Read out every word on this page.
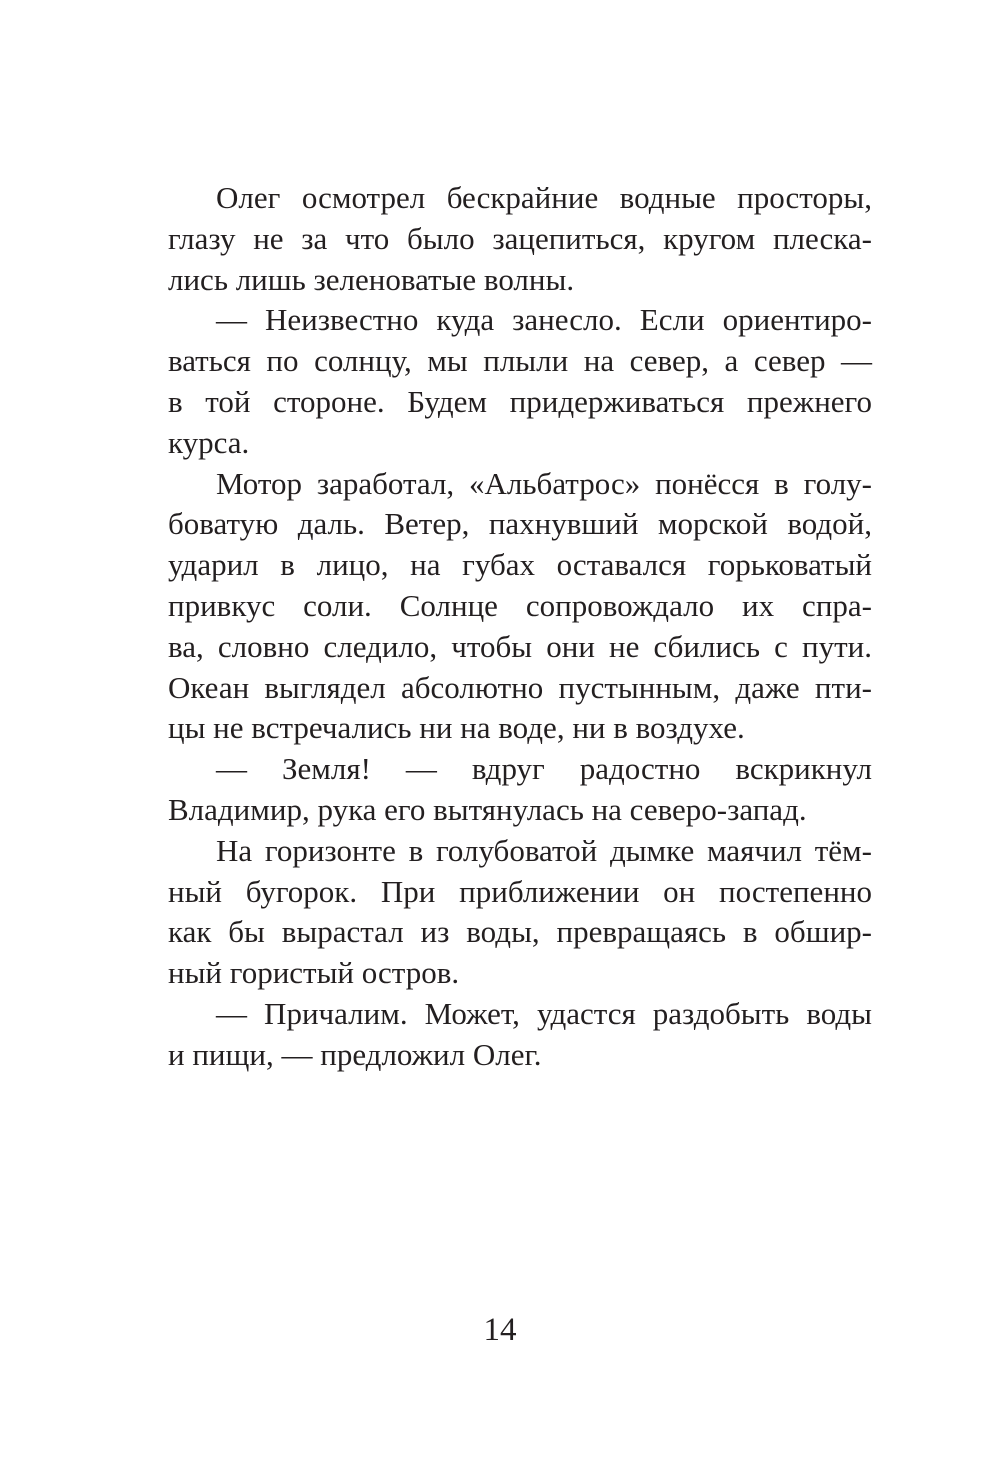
Олег осмотрел бескрайние водные просторы,
глазу не за что было зацепиться, кругом плеска-
лись лишь зеленоватые волны.
— Неизвестно куда занесло. Если ориентиро-
ваться по солнцу, мы плыли на север, а север —
в той стороне. Будем придерживаться прежнего
курса.
Мотор заработал, «Альбатрос» понёсся в голу-
боватую даль. Ветер, пахнувший морской водой,
ударил в лицо, на губах оставался горьковатый
привкус соли. Солнце сопровождало их спра-
ва, словно следило, чтобы они не сбились с пути.
Океан выглядел абсолютно пустынным, даже пти-
цы не встречались ни на воде, ни в воздухе.
— Земля! — вдруг радостно вскрикнул
Владимир, рука его вытянулась на северо-запад.
На горизонте в голубоватой дымке маячил тём-
ный бугорок. При приближении он постепенно
как бы вырастал из воды, превращаясь в обшир-
ный гористый остров.
— Причалим. Может, удастся раздобыть воды
и пищи, — предложил Олег.
14
